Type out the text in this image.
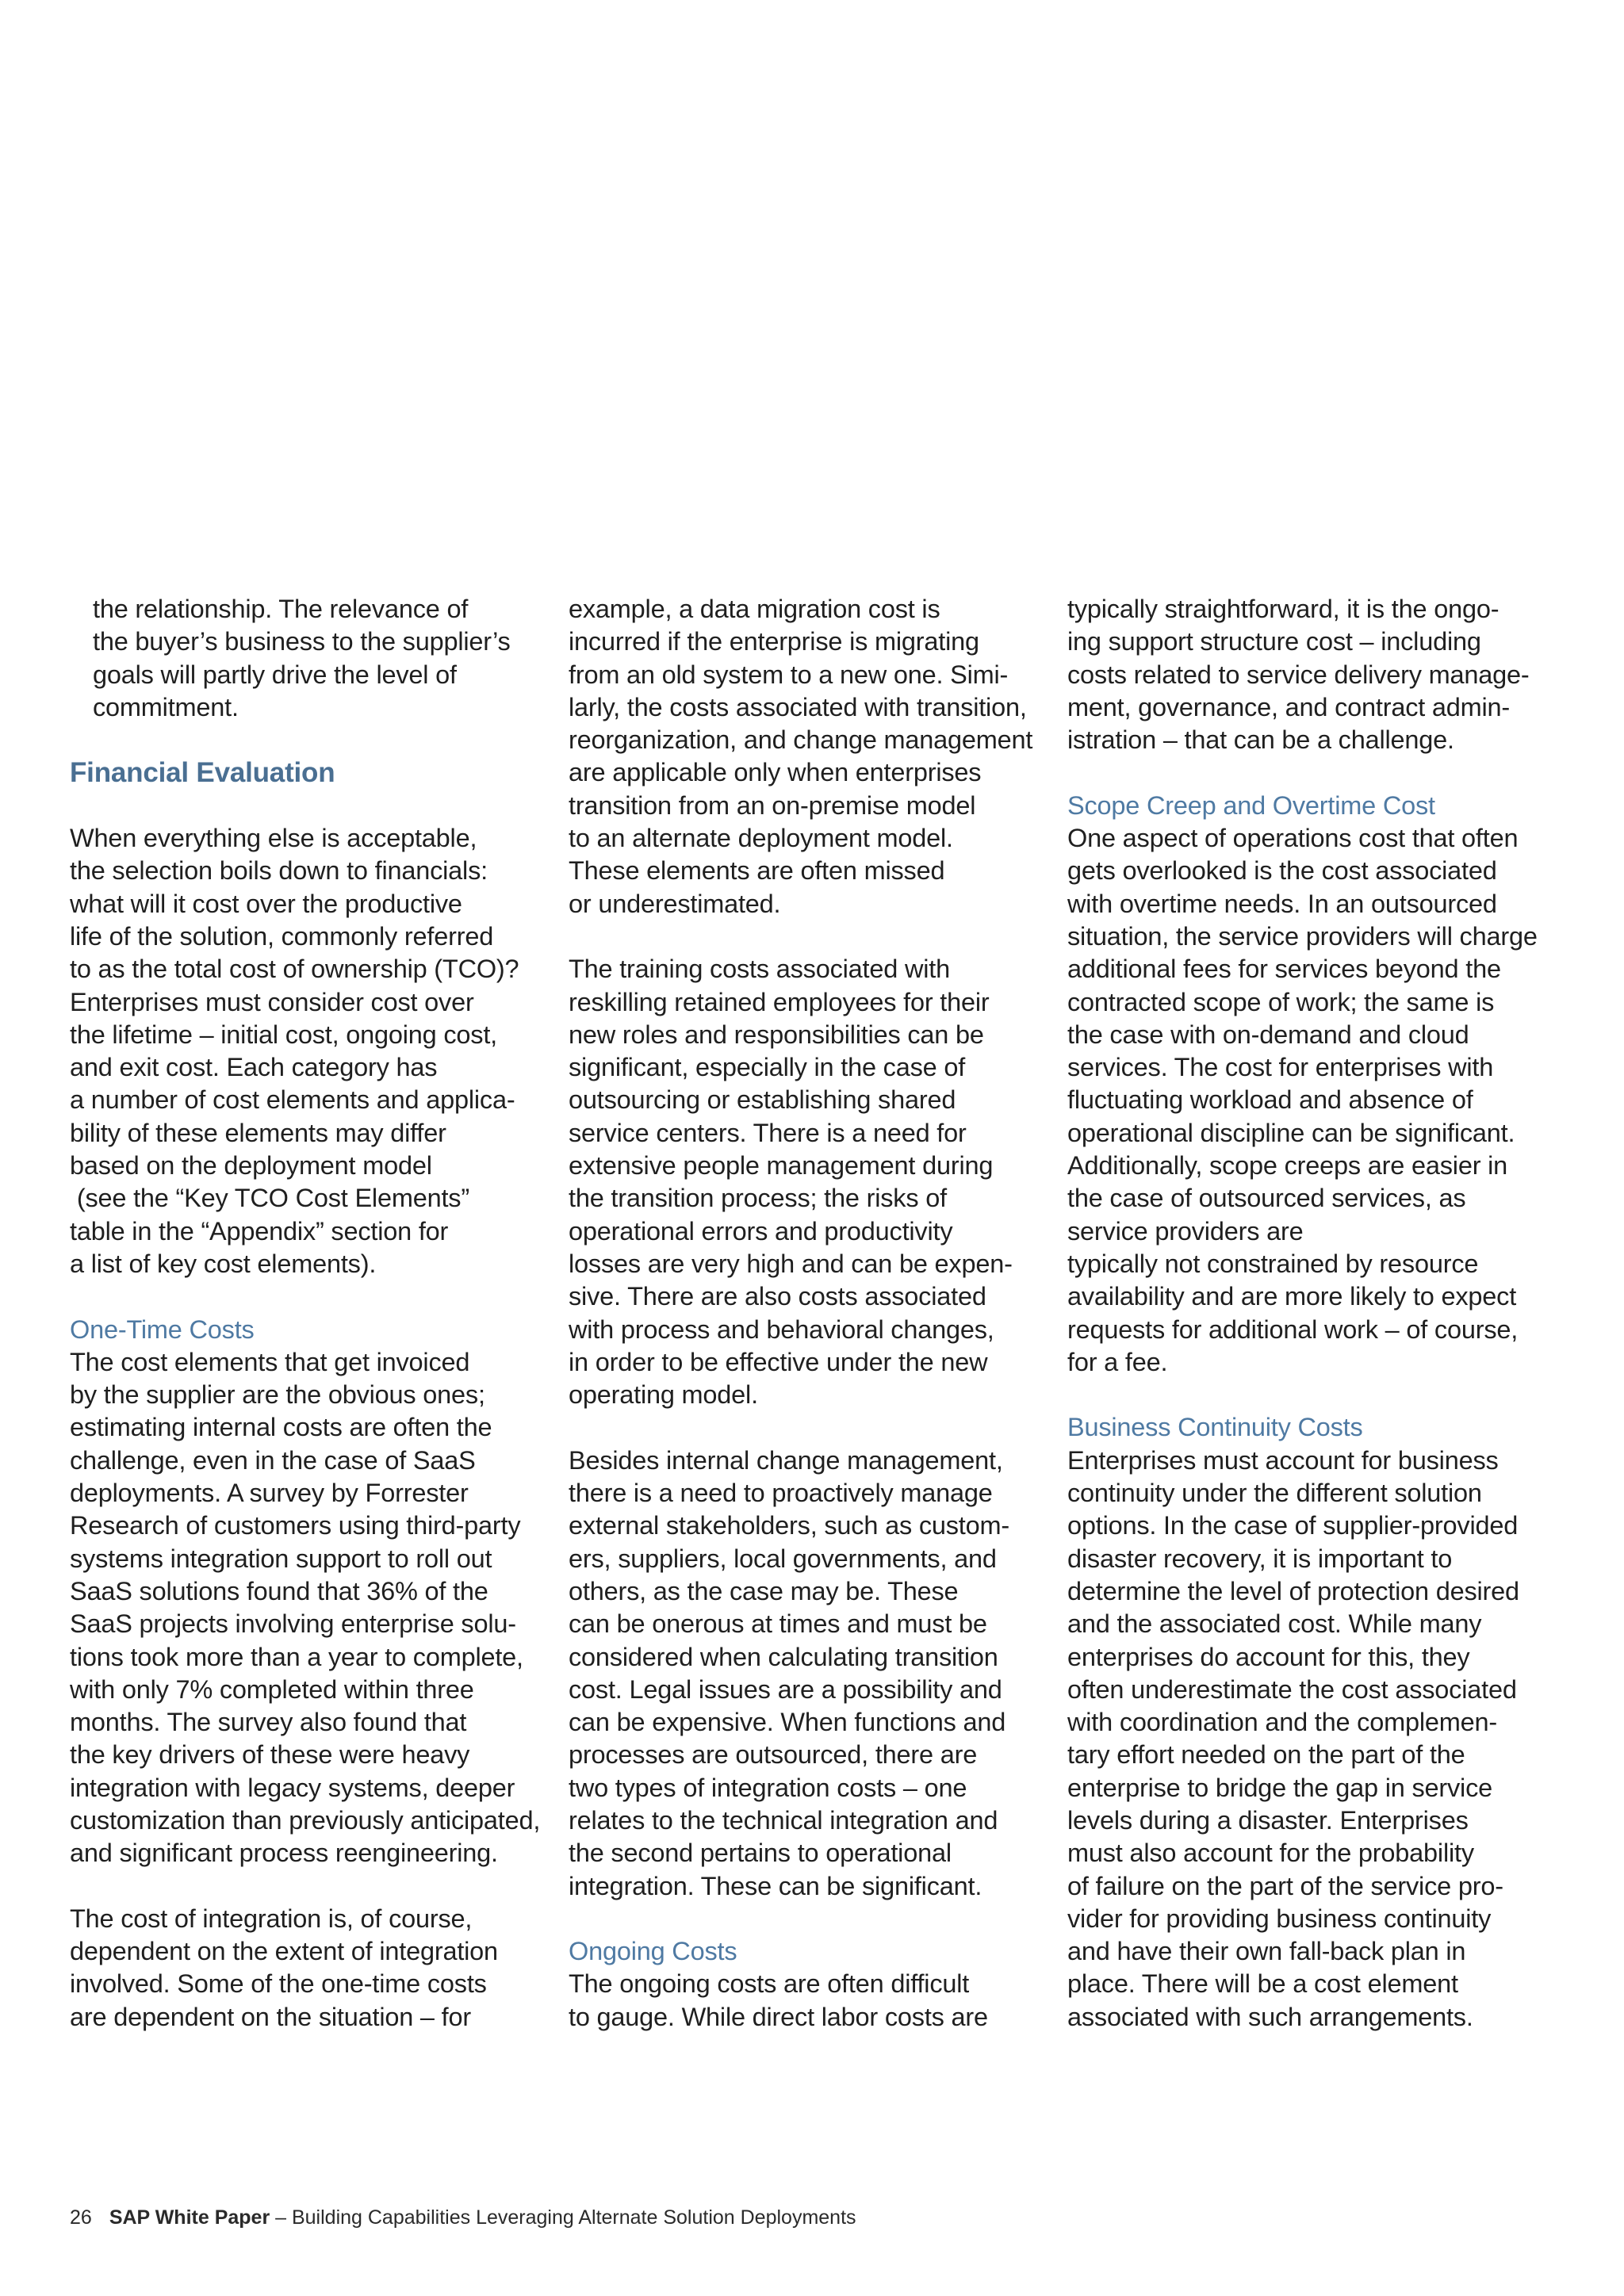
the relationship. The relevance of

the buyer’s business to the supplier’s

goals will partly drive the level of

commitment.

Financial Evaluation

When everything else is acceptable,

the selection boils down to financials:

what will it cost over the productive

life of the solution, commonly referred

to as the total cost of ownership (TCO)?

Enterprises must consider cost over

the lifetime – initial cost, ongoing cost,

and exit cost. Each category has

a number of cost elements and applica-

bility of these elements may differ

based on the deployment model

(see the “Key TCO Cost Elements”

table in the “Appendix” section for

a list of key cost elements).

One-Time Costs

The cost elements that get invoiced

by the supplier are the obvious ones;

estimating internal costs are often the

challenge, even in the case of SaaS

deployments. A survey by Forrester

Research of customers using third-party

systems integration support to roll out

SaaS solutions found that 36% of the

SaaS projects involving enterprise solu-

tions took more than a year to complete,

with only 7% completed within three

months. The survey also found that

the key drivers of these were heavy

integration with legacy systems, deeper

customization than previously anticipated,

and significant process reengineering.

The cost of integration is, of course,

dependent on the extent of integration

involved. Some of the one-time costs

are dependent on the situation – for

example, a data migration cost is

incurred if the enterprise is migrating

from an old system to a new one. Simi-

larly, the costs associated with transition,

reorganization, and change management

are applicable only when enterprises

transition from an on-premise model

to an alternate deployment model.

These elements are often missed

or underestimated.

The training costs associated with

reskilling retained employees for their

new roles and responsibilities can be

significant, especially in the case of

outsourcing or establishing shared

service centers. There is a need for

extensive people management during

the transition process; the risks of

operational errors and productivity

losses are very high and can be expen-

sive. There are also costs associated

with process and behavioral changes,

in order to be effective under the new

operating model.

Besides internal change management,

there is a need to proactively manage

external stakeholders, such as custom-

ers, suppliers, local governments, and

others, as the case may be. These

can be onerous at times and must be

considered when calculating transition

cost. Legal issues are a possibility and

can be expensive. When functions and

processes are outsourced, there are

two types of integration costs – one

relates to the technical integration and

the second pertains to operational

integration. These can be significant.

Ongoing Costs

The ongoing costs are often difficult

to gauge. While direct labor costs are

typically straightforward, it is the ongo-

ing support structure cost – including

costs related to service delivery manage-

ment, governance, and contract admin-

istration – that can be a challenge.

Scope Creep and Overtime Cost

One aspect of operations cost that often

gets overlooked is the cost associated

with overtime needs. In an outsourced

situation, the service providers will charge

additional fees for services beyond the

contracted scope of work; the same is

the case with on-demand and cloud

services. The cost for enterprises with

fluctuating workload and absence of

operational discipline can be significant.

Additionally, scope creeps are easier in

the case of outsourced services, as

service providers are

typically not constrained by resource

availability and are more likely to expect

requests for additional work – of course,

for a fee.

Business Continuity Costs

Enterprises must account for business

continuity under the different solution

options. In the case of supplier-provided

disaster recovery, it is important to

determine the level of protection desired

and the associated cost. While many

enterprises do account for this, they

often underestimate the cost associated

with coordination and the complemen-

tary effort needed on the part of the

enterprise to bridge the gap in service

levels during a disaster. Enterprises

must also account for the probability

of failure on the part of the service pro-

vider for providing business continuity

and have their own fall-back plan in

place. There will be a cost element

associated with such arrangements.

26 SAP White Paper – Building Capabilities Leveraging Alternate Solution Deployments
